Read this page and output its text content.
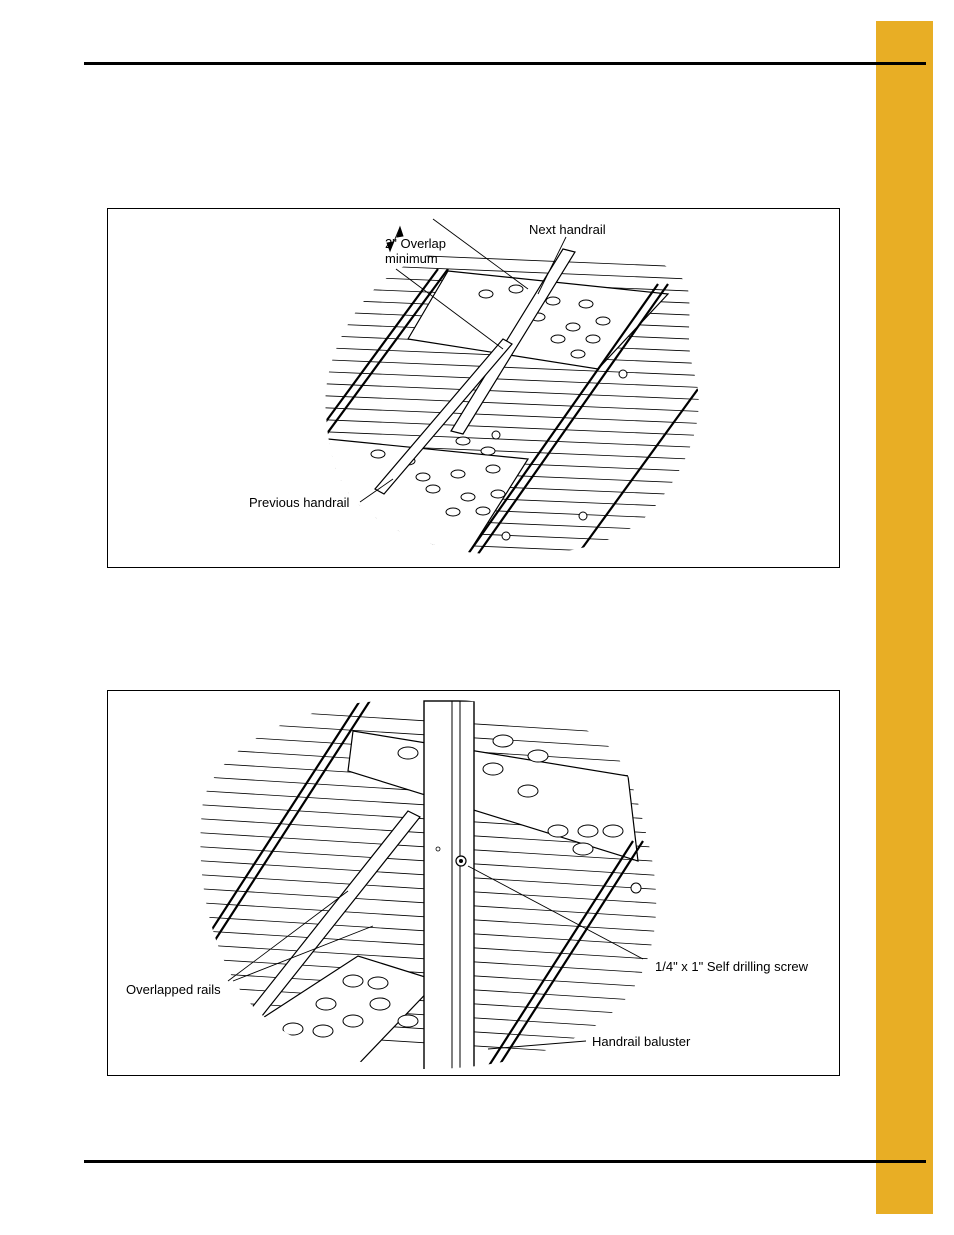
2" Overlap
minimum
Next handrail
Previous handrail
Overlapped rails
1/4" x 1" Self drilling screw
Handrail baluster
